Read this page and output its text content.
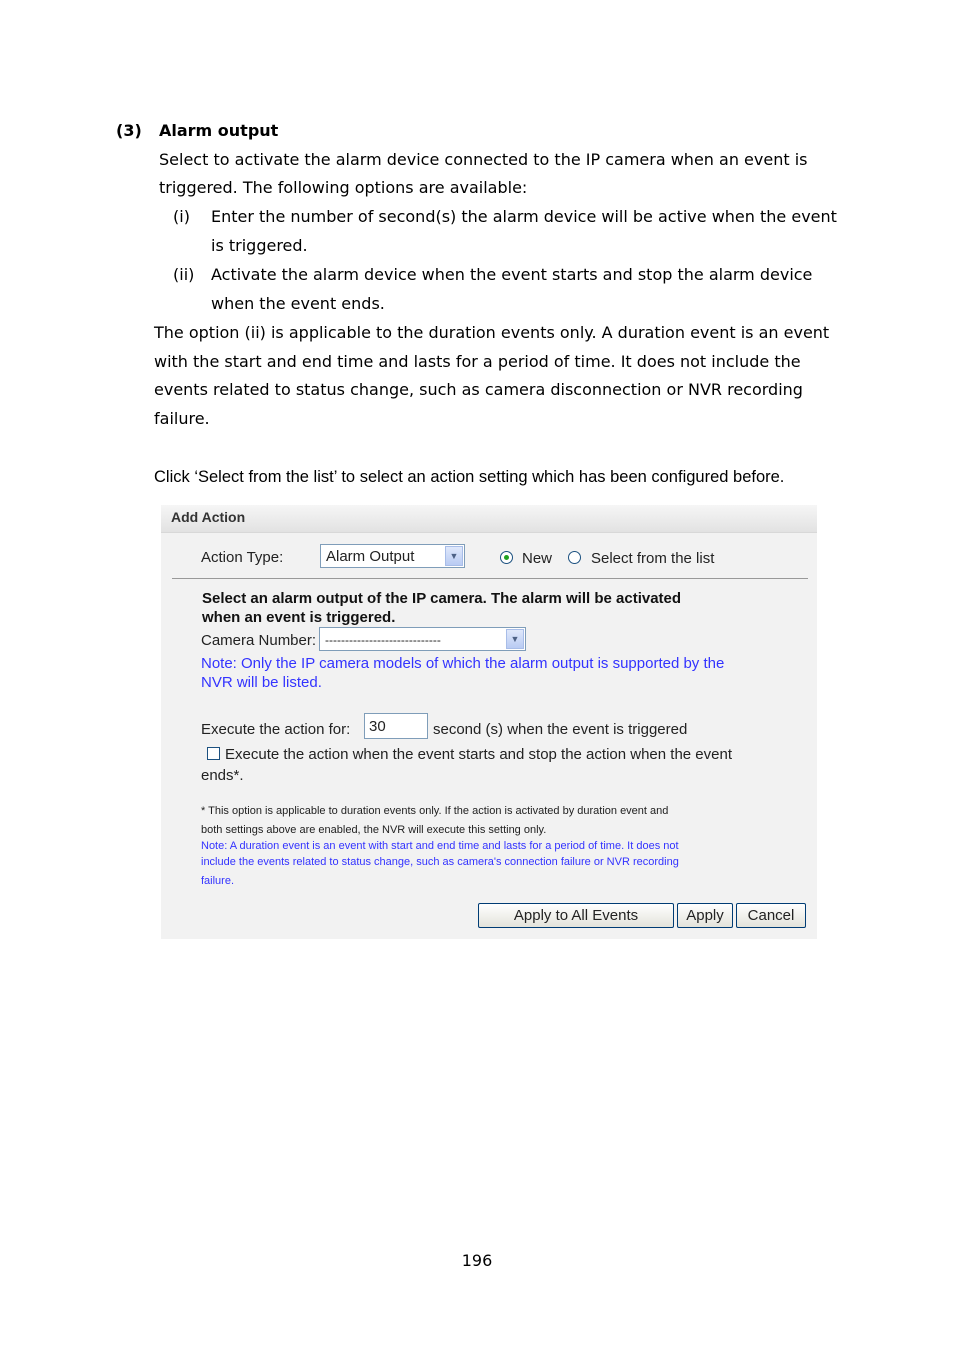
(3) Alarm output
Select to activate the alarm device connected to the IP camera when an event is
triggered. The following options are available:
(i) Enter the number of second(s) the alarm device will be active when the event
is triggered.
(ii) Activate the alarm device when the event starts and stop the alarm device
when the event ends.
The option (ii) is applicable to the duration events only. A duration event is an event
with the start and end time and lasts for a period of time. It does not include the
events related to status change, such as camera disconnection or NVR recording
failure.
Click ‘Select from the list’ to select an action setting which has been configured before.
Add Action
Action Type:	Alarm Output	▼	New	Select from the list
Select an alarm output of the IP camera. The alarm will be activated
when an event is triggered.
Camera Number: -----------------------------	▼
Note: Only the IP camera models of which the alarm output is supported by the
NVR will be listed.
Execute the action for: 30	second (s) when the event is triggered
Execute the action when the event starts and stop the action when the event
ends*.
* This option is applicable to duration events only. If the action is activated by duration event and
both settings above are enabled, the NVR will execute this setting only.
Note: A duration event is an event with start and end time and lasts for a period of time. It does not
include the events related to status change, such as camera's connection failure or NVR recording
failure.
Apply to All Events	Apply	Cancel
196
